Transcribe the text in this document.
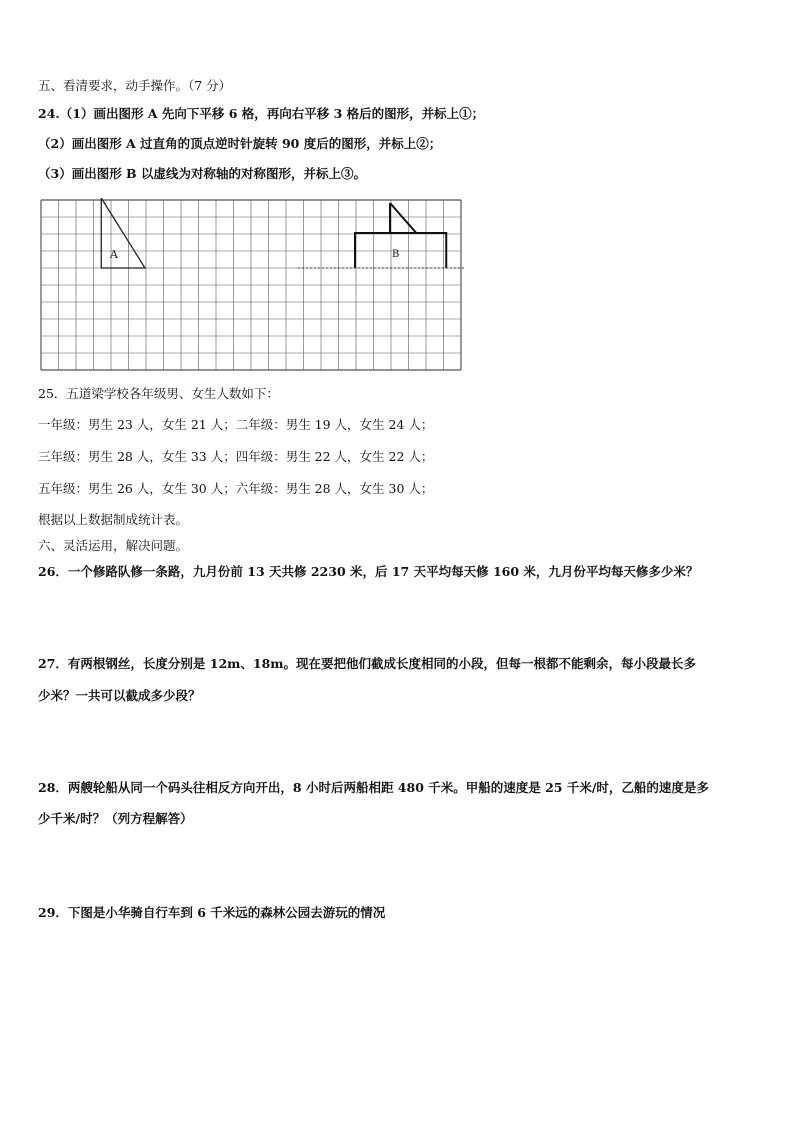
五、看清要求，动手操作。（7 分）
24.（1）画出图形 A 先向下平移 6 格，再向右平移 3 格后的图形，并标上①；
（2）画出图形 A 过直角的顶点逆时针旋转 90 度后的图形，并标上②；
（3）画出图形 B 以虚线为对称轴的对称图形，并标上③。
A	B
25．五道梁学校各年级男、女生人数如下：
一年级：男生 23 人，女生 21 人；二年级：男生 19 人，女生 24 人；
三年级：男生 28 人，女生 33 人；四年级：男生 22 人，女生 22 人；
五年级：男生 26 人，女生 30 人；六年级：男生 28 人，女生 30 人；
根据以上数据制成统计表。
六、灵活运用，解决问题。
26．一个修路队修一条路，九月份前 13 天共修 2230 米，后 17 天平均每天修 160 米，九月份平均每天修多少米？
27．有两根钢丝，长度分别是 12m、18m。现在要把他们截成长度相同的小段，但每一根都不能剩余，每小段最长多
少米？一共可以截成多少段？
28．两艘轮船从同一个码头往相反方向开出，8 小时后两船相距 480 千米。甲船的速度是 25 千米/时，乙船的速度是多
少千米/时？（列方程解答）
29．下图是小华骑自行车到 6 千米远的森林公园去游玩的情况
